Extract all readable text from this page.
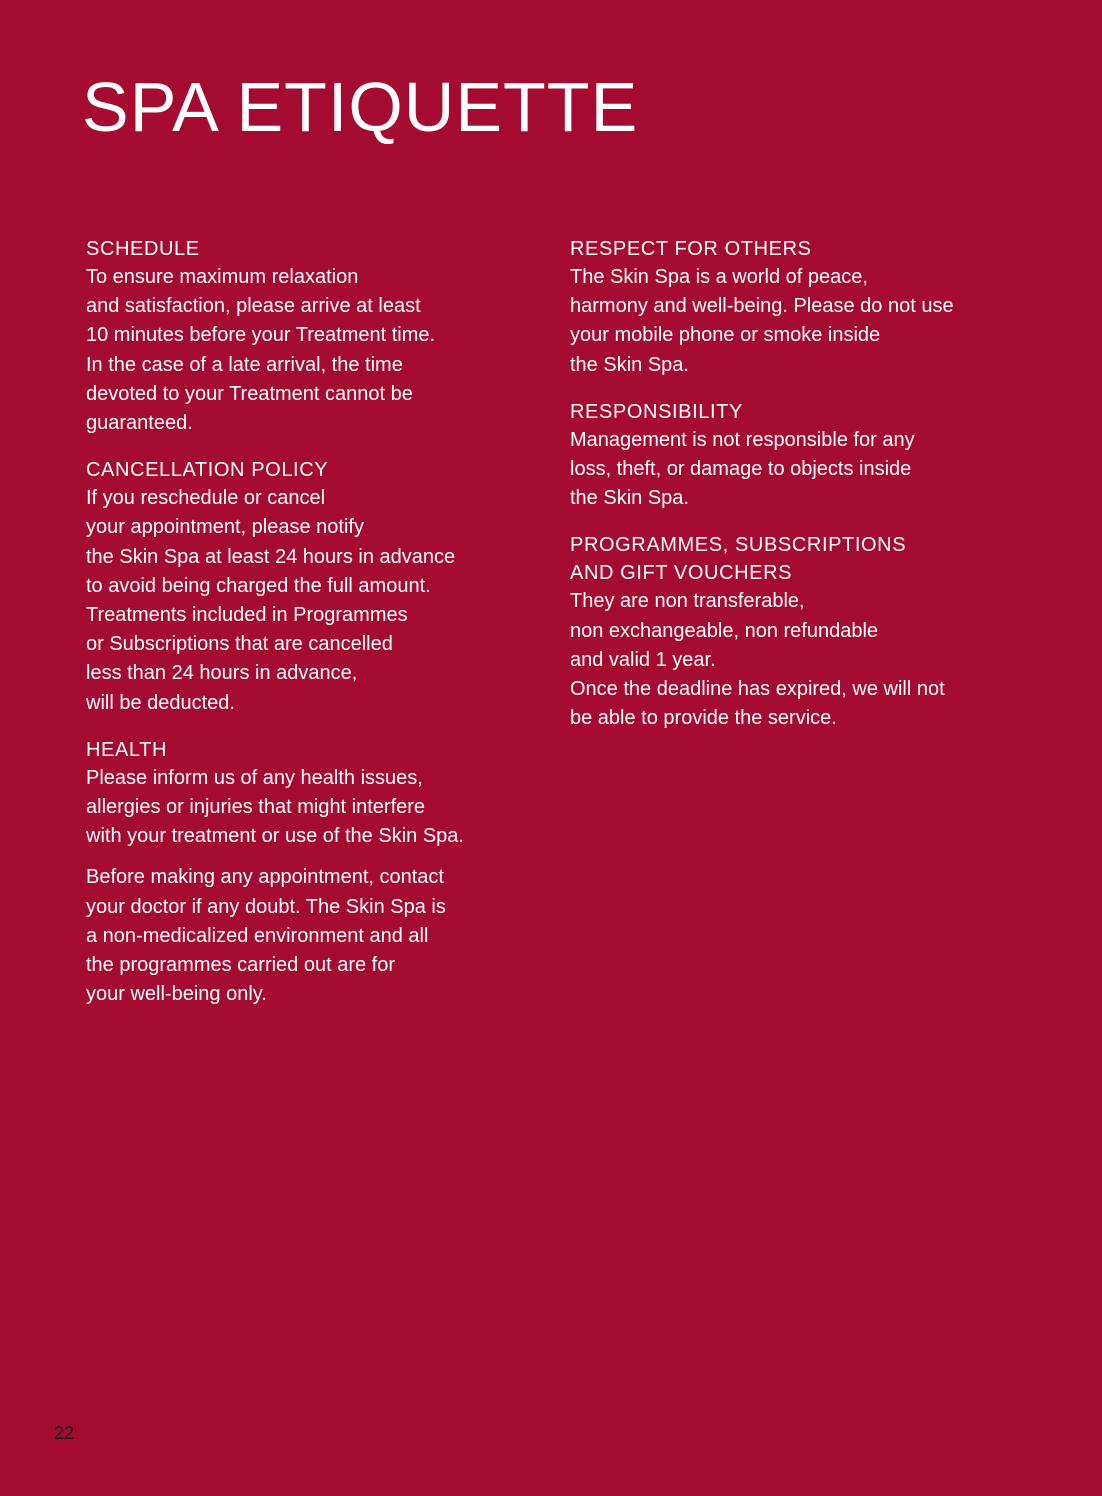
SPA ETIQUETTE
SCHEDULE

To ensure maximum relaxation
and satisfaction, please arrive at least
10 minutes before your Treatment time.
In the case of a late arrival, the time
devoted to your Treatment cannot be
guaranteed.

CANCELLATION POLICY

If you reschedule or cancel
your appointment, please notify
the Skin Spa at least 24 hours in advance
to avoid being charged the full amount.
Treatments included in Programmes
or Subscriptions that are cancelled
less than 24 hours in advance,
will be deducted.

HEALTH

Please inform us of any health issues,
allergies or injuries that might interfere
with your treatment or use of the Skin Spa.

Before making any appointment, contact
your doctor if any doubt. The Skin Spa is
a non-medicalized environment and all
the programmes carried out are for
your well-being only.

RESPECT FOR OTHERS

The Skin Spa is a world of peace,
harmony and well-being. Please do not use
your mobile phone or smoke inside
the Skin Spa.

RESPONSIBILITY

Management is not responsible for any
loss, theft, or damage to objects inside
the Skin Spa.

PROGRAMMES, SUBSCRIPTIONS
AND GIFT VOUCHERS

They are non transferable,
non exchangeable, non refundable
and valid 1 year.
Once the deadline has expired, we will not
be able to provide the service.

22
